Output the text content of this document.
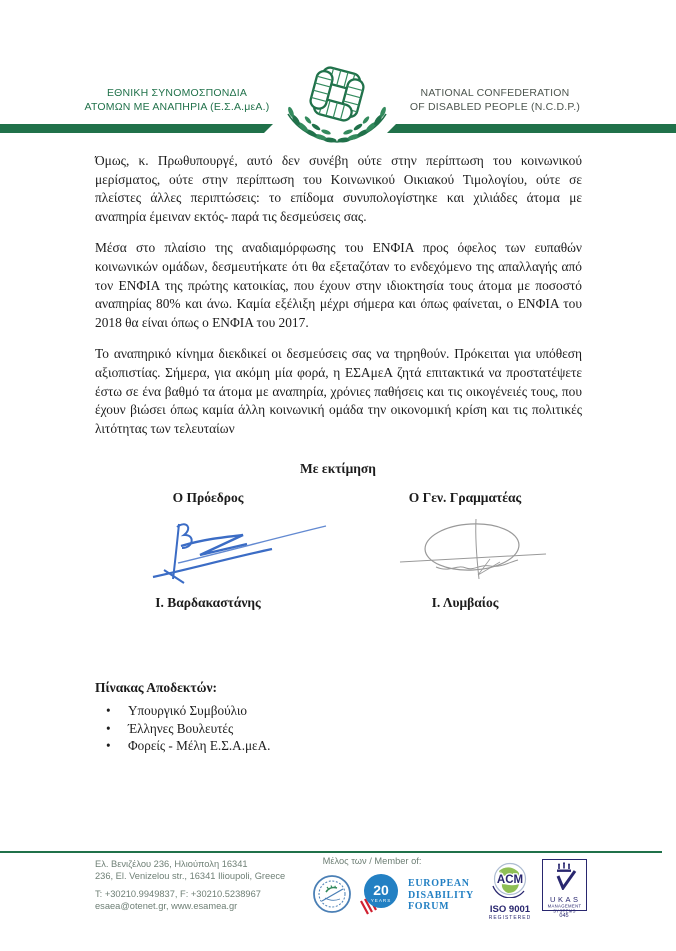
ΕΘΝΙΚΗ ΣΥΝΟΜΟΣΠΟΝΔΙΑ
ΑΤΟΜΩΝ ΜΕ ΑΝΑΠΗΡΙΑ (Ε.Σ.Α.μεΑ.)
NATIONAL CONFEDERATION
OF DISABLED PEOPLE (N.C.D.P.)

Όμως, κ. Πρωθυπουργέ, αυτό δεν συνέβη ούτε στην περίπτωση του κοινωνικού μερίσματος, ούτε στην περίπτωση του Κοινωνικού Οικιακού Τιμολογίου, ούτε σε πλείστες άλλες περιπτώσεις: το επίδομα συνυπολογίστηκε και χιλιάδες άτομα με αναπηρία έμειναν εκτός- παρά τις δεσμεύσεις σας.

Μέσα στο πλαίσιο της αναδιαμόρφωσης του ΕΝΦΙΑ προς όφελος των ευπαθών κοινωνικών ομάδων, δεσμευτήκατε ότι θα εξεταζόταν το ενδεχόμενο της απαλλαγής από τον ΕΝΦΙΑ της πρώτης κατοικίας, που έχουν στην ιδιοκτησία τους άτομα με ποσοστό αναπηρίας 80% και άνω. Καμία εξέλιξη μέχρι σήμερα και όπως φαίνεται, ο ΕΝΦΙΑ του 2018 θα είναι όπως ο ΕΝΦΙΑ του 2017.

Το αναπηρικό κίνημα διεκδικεί οι δεσμεύσεις σας να τηρηθούν. Πρόκειται για υπόθεση αξιοπιστίας. Σήμερα, για ακόμη μία φορά, η ΕΣΑμεΑ ζητά επιτακτικά να προστατέψετε έστω σε ένα βαθμό τα άτομα με αναπηρία, χρόνιες παθήσεις και τις οικογένειές τους, που έχουν βιώσει όπως καμία άλλη κοινωνική ομάδα την οικονομική κρίση και τις πολιτικές λιτότητας των τελευταίων

Με εκτίμηση
Ο Πρόεδρος	Ο Γεν. Γραμματέας
Ι. Βαρδακαστάνης	Ι. Λυμβαίος
Πίνακας Αποδεκτών:
• Υπουργικό Συμβούλιο
• Έλληνες Βουλευτές
• Φορείς - Μέλη Ε.Σ.Α.μεΑ.
Ελ. Βενιζέλου 236, Ηλιούπολη 16341
236, El. Venizelou str., 16341 Ilioupoli, Greece
T: +30210.9949837, F: +30210.5238967
esaea@otenet.gr, www.esamea.gr
Μέλος των / Member of:
20
YEARS
EUROPEAN
DISABILITY
FORUM
ACM
ISO 9001
REGISTERED
UKAS
MANAGEMENT
SYSTEMS
045
